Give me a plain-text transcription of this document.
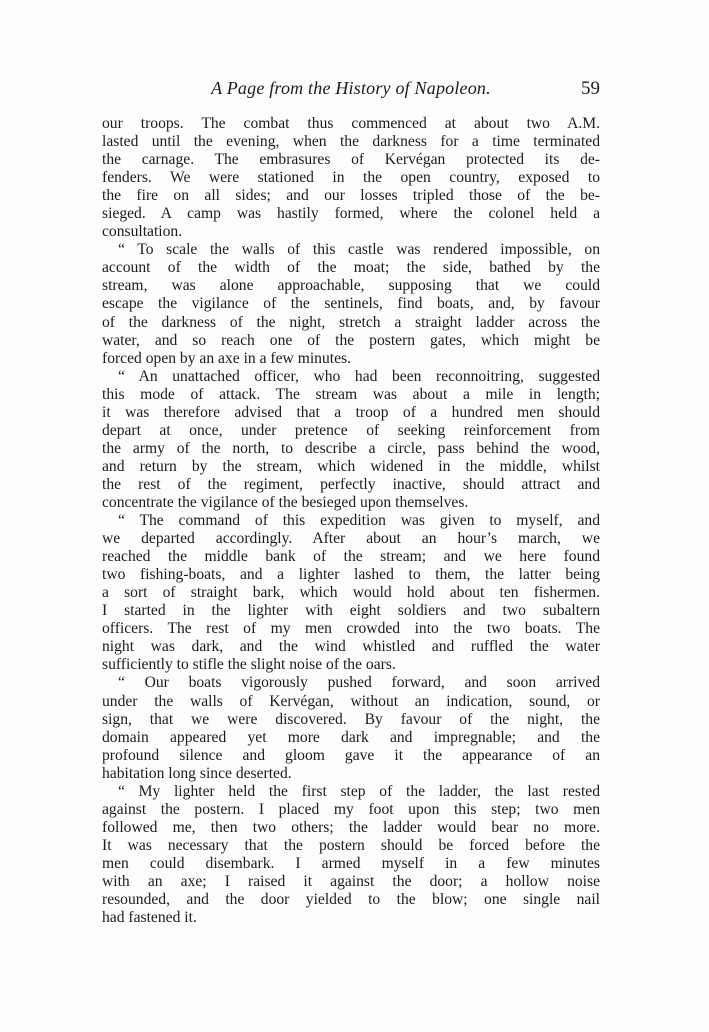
A Page from the History of Napoleon.	59
our troops. The combat thus commenced at about two A.M.
lasted until the evening, when the darkness for a time terminated
the carnage. The embrasures of Kervégan protected its de-
fenders. We were stationed in the open country, exposed to
the fire on all sides; and our losses tripled those of the be-
sieged. A camp was hastily formed, where the colonel held a
consultation.
“ To scale the walls of this castle was rendered impossible, on
account of the width of the moat; the side, bathed by the
stream, was alone approachable, supposing that we could
escape the vigilance of the sentinels, find boats, and, by favour
of the darkness of the night, stretch a straight ladder across the
water, and so reach one of the postern gates, which might be
forced open by an axe in a few minutes.
“ An unattached officer, who had been reconnoitring, suggested
this mode of attack. The stream was about a mile in length;
it was therefore advised that a troop of a hundred men should
depart at once, under pretence of seeking reinforcement from
the army of the north, to describe a circle, pass behind the wood,
and return by the stream, which widened in the middle, whilst
the rest of the regiment, perfectly inactive, should attract and
concentrate the vigilance of the besieged upon themselves.
“ The command of this expedition was given to myself, and
we departed accordingly. After about an hour’s march, we
reached the middle bank of the stream; and we here found
two fishing-boats, and a lighter lashed to them, the latter being
a sort of straight bark, which would hold about ten fishermen.
I started in the lighter with eight soldiers and two subaltern
officers. The rest of my men crowded into the two boats. The
night was dark, and the wind whistled and ruffled the water
sufficiently to stifle the slight noise of the oars.
“ Our boats vigorously pushed forward, and soon arrived
under the walls of Kervégan, without an indication, sound, or
sign, that we were discovered. By favour of the night, the
domain appeared yet more dark and impregnable; and the
profound silence and gloom gave it the appearance of an
habitation long since deserted.
“ My lighter held the first step of the ladder, the last rested
against the postern. I placed my foot upon this step; two men
followed me, then two others; the ladder would bear no more.
It was necessary that the postern should be forced before the
men could disembark. I armed myself in a few minutes
with an axe; I raised it against the door; a hollow noise
resounded, and the door yielded to the blow; one single nail
had fastened it.
